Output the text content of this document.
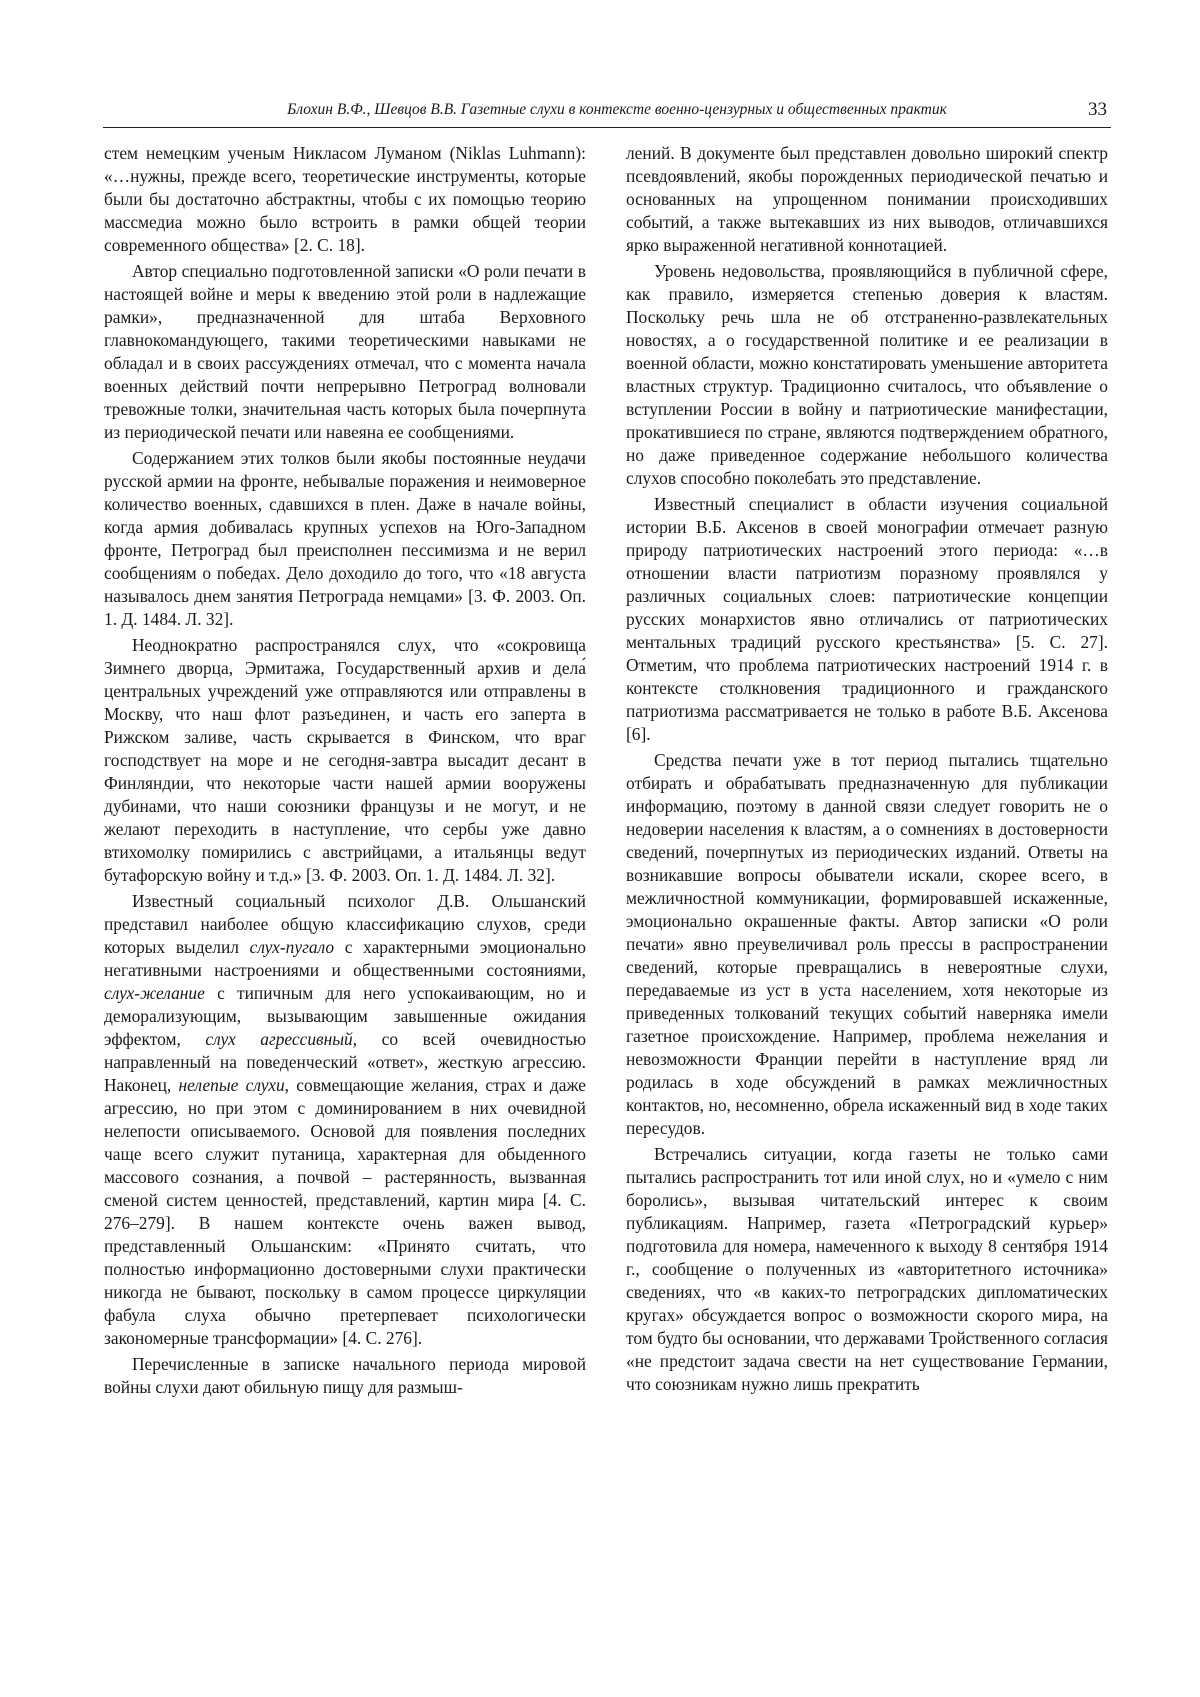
Блохин В.Ф., Шевцов В.В. Газетные слухи в контексте военно-цензурных и общественных практик	33

стем немецким ученым Никласом Луманом (Niklas Luhmann): «…нужны, прежде всего, теоретические инструменты, которые были бы достаточно абстрактны, чтобы с их помощью теорию массмедиа можно было встроить в рамки общей теории современного общества» [2. С. 18].

Автор специально подготовленной записки «О роли печати в настоящей войне и меры к введению этой роли в надлежащие рамки», предназначенной для штаба Верховного главнокомандующего, такими теоретическими навыками не обладал и в своих рассуждениях отмечал, что с момента начала военных действий почти непрерывно Петроград волновали тревожные толки, значительная часть которых была почерпнута из периодической печати или навеяна ее сообщениями.

Содержанием этих толков были якобы постоянные неудачи русской армии на фронте, небывалые поражения и неимоверное количество военных, сдавшихся в плен. Даже в начале войны, когда армия добивалась крупных успехов на Юго-Западном фронте, Петроград был преисполнен пессимизма и не верил сообщениям о победах. Дело доходило до того, что «18 августа называлось днем занятия Петрограда немцами» [3. Ф. 2003. Оп. 1. Д. 1484. Л. 32].

Неоднократно распространялся слух, что «сокровища Зимнего дворца, Эрмитажа, Государственный архив и дела́ центральных учреждений уже отправляются или отправлены в Москву, что наш флот разъединен, и часть его заперта в Рижском заливе, часть скрывается в Финском, что враг господствует на море и не сегодня-завтра высадит десант в Финляндии, что некоторые части нашей армии вооружены дубинами, что наши союзники французы и не могут, и не желают переходить в наступление, что сербы уже давно втихомолку помирились с австрийцами, а итальянцы ведут бутафорскую войну и т.д.» [3. Ф. 2003. Оп. 1. Д. 1484. Л. 32].

Известный социальный психолог Д.В. Ольшанский представил наиболее общую классификацию слухов, среди которых выделил слух-пугало с характерными эмоционально негативными настроениями и общественными состояниями, слух-желание с типичным для него успокаивающим, но и деморализующим, вызывающим завышенные ожидания эффектом, слух агрессивный, со всей очевидностью направленный на поведенческий «ответ», жесткую агрессию. Наконец, нелепые слухи, совмещающие желания, страх и даже агрессию, но при этом с доминированием в них очевидной нелепости описываемого. Основой для появления последних чаще всего служит путаница, характерная для обыденного массового сознания, а почвой – растерянность, вызванная сменой систем ценностей, представлений, картин мира [4. С. 276–279]. В нашем контексте очень важен вывод, представленный Ольшанским: «Принято считать, что полностью информационно достоверными слухи практически никогда не бывают, поскольку в самом процессе циркуляции фабула слуха обычно претерпевает психологически закономерные трансформации» [4. С. 276].

Перечисленные в записке начального периода мировой войны слухи дают обильную пищу для размыш-

лений. В документе был представлен довольно широкий спектр псевдоявлений, якобы порожденных периодической печатью и основанных на упрощенном понимании происходивших событий, а также вытекавших из них выводов, отличавшихся ярко выраженной негативной коннотацией.

Уровень недовольства, проявляющийся в публичной сфере, как правило, измеряется степенью доверия к властям. Поскольку речь шла не об отстраненно-развлекательных новостях, а о государственной политике и ее реализации в военной области, можно констатировать уменьшение авторитета властных структур. Традиционно считалось, что объявление о вступлении России в войну и патриотические манифестации, прокатившиеся по стране, являются подтверждением обратного, но даже приведенное содержание небольшого количества слухов способно поколебать это представление.

Известный специалист в области изучения социальной истории В.Б. Аксенов в своей монографии отмечает разную природу патриотических настроений этого периода: «…в отношении власти патриотизм поразному проявлялся у различных социальных слоев: патриотические концепции русских монархистов явно отличались от патриотических ментальных традиций русского крестьянства» [5. С. 27]. Отметим, что проблема патриотических настроений 1914 г. в контексте столкновения традиционного и гражданского патриотизма рассматривается не только в работе В.Б. Аксенова [6].

Средства печати уже в тот период пытались тщательно отбирать и обрабатывать предназначенную для публикации информацию, поэтому в данной связи следует говорить не о недоверии населения к властям, а о сомнениях в достоверности сведений, почерпнутых из периодических изданий. Ответы на возникавшие вопросы обыватели искали, скорее всего, в межличностной коммуникации, формировавшей искаженные, эмоционально окрашенные факты. Автор записки «О роли печати» явно преувеличивал роль прессы в распространении сведений, которые превращались в невероятные слухи, передаваемые из уст в уста населением, хотя некоторые из приведенных толкований текущих событий наверняка имели газетное происхождение. Например, проблема нежелания и невозможности Франции перейти в наступление вряд ли родилась в ходе обсуждений в рамках межличностных контактов, но, несомненно, обрела искаженный вид в ходе таких пересудов.

Встречались ситуации, когда газеты не только сами пытались распространить тот или иной слух, но и «умело с ним боролись», вызывая читательский интерес к своим публикациям. Например, газета «Петроградский курьер» подготовила для номера, намеченного к выходу 8 сентября 1914 г., сообщение о полученных из «авторитетного источника» сведениях, что «в каких-то петроградских дипломатических кругах» обсуждается вопрос о возможности скорого мира, на том будто бы основании, что державами Тройственного согласия «не предстоит задача свести на нет существование Германии, что союзникам нужно лишь прекратить
